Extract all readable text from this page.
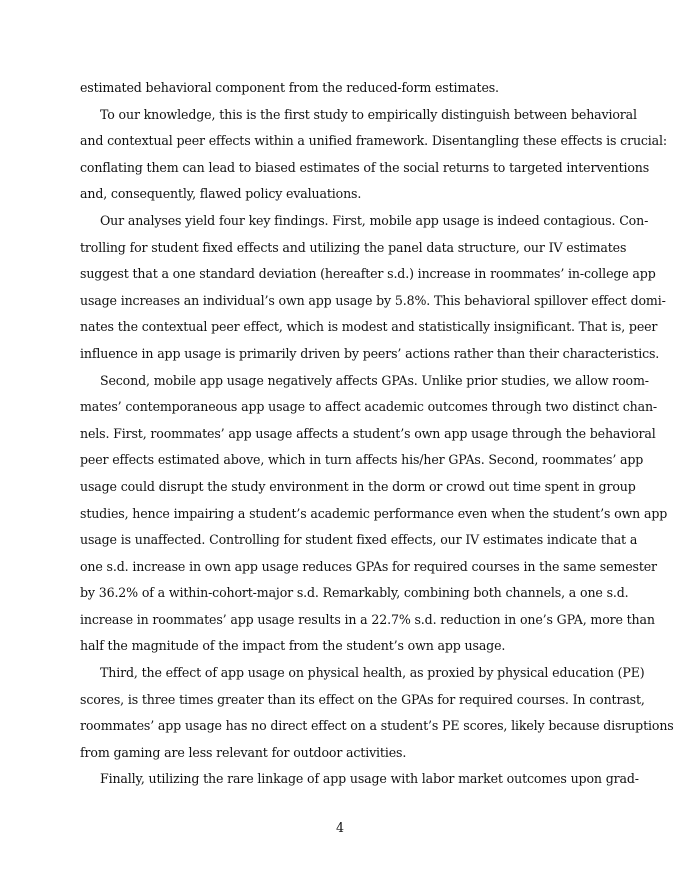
estimated behavioral component from the reduced-form estimates.
To our knowledge, this is the first study to empirically distinguish between behavioral
and contextual peer effects within a unified framework. Disentangling these effects is crucial:
conflating them can lead to biased estimates of the social returns to targeted interventions
and, consequently, flawed policy evaluations.
Our analyses yield four key findings. First, mobile app usage is indeed contagious. Con-
trolling for student fixed effects and utilizing the panel data structure, our IV estimates
suggest that a one standard deviation (hereafter s.d.) increase in roommates’ in-college app
usage increases an individual’s own app usage by 5.8%. This behavioral spillover effect domi-
nates the contextual peer effect, which is modest and statistically insignificant. That is, peer
influence in app usage is primarily driven by peers’ actions rather than their characteristics.
Second, mobile app usage negatively affects GPAs. Unlike prior studies, we allow room-
mates’ contemporaneous app usage to affect academic outcomes through two distinct chan-
nels. First, roommates’ app usage affects a student’s own app usage through the behavioral
peer effects estimated above, which in turn affects his/her GPAs. Second, roommates’ app
usage could disrupt the study environment in the dorm or crowd out time spent in group
studies, hence impairing a student’s academic performance even when the student’s own app
usage is unaffected. Controlling for student fixed effects, our IV estimates indicate that a
one s.d. increase in own app usage reduces GPAs for required courses in the same semester
by 36.2% of a within-cohort-major s.d. Remarkably, combining both channels, a one s.d.
increase in roommates’ app usage results in a 22.7% s.d. reduction in one’s GPA, more than
half the magnitude of the impact from the student’s own app usage.
Third, the effect of app usage on physical health, as proxied by physical education (PE)
scores, is three times greater than its effect on the GPAs for required courses. In contrast,
roommates’ app usage has no direct effect on a student’s PE scores, likely because disruptions
from gaming are less relevant for outdoor activities.
Finally, utilizing the rare linkage of app usage with labor market outcomes upon grad-
4
